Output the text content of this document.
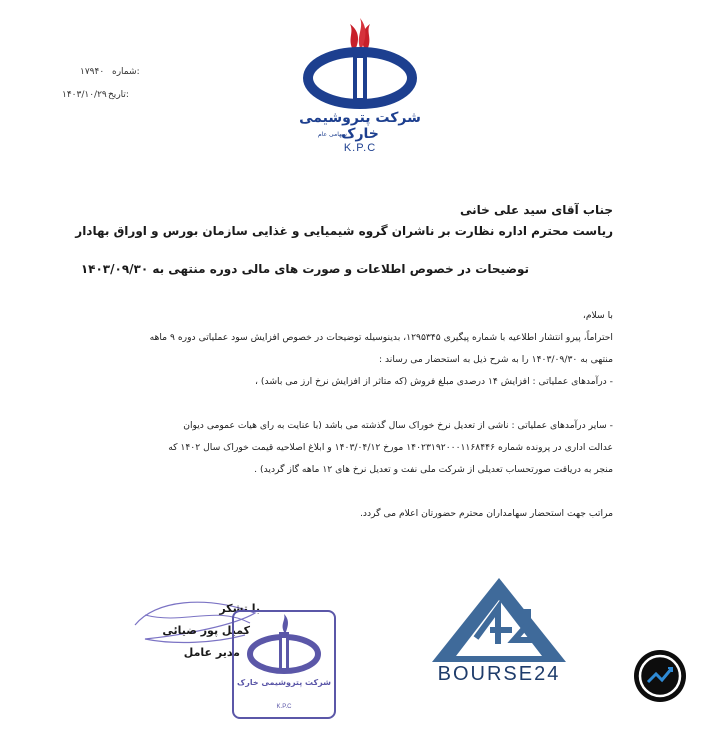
شرکت پتروشیمی خارک
سهامی عام
K.P.C
شماره:
۱۷۹۴۰
تاریخ:
۱۴۰۳/۱۰/۲۹
جناب آقای سید علی خانی
ریاست محترم اداره نظارت بر ناشران گروه شیمیایی و غذایی سازمان بورس و اوراق بهادار
توضیحات در خصوص اطلاعات و صورت های مالی دوره منتهی به ۱۴۰۳/۰۹/۳۰
با سلام،
احتراماً، پیرو انتشار اطلاعیه با شماره پیگیری ۱۲۹۵۳۴۵، بدینوسیله توضیحات در خصوص افزایش سود عملیاتی دوره ۹ ماهه
منتهی به ۱۴۰۳/۰۹/۳۰ را به شرح ذیل به استحضار می رساند :
- درآمدهای عملیاتی : افزایش ۱۴ درصدی مبلغ فروش (که متاثر از افزایش نرخ ارز می باشد) ،
- سایر درآمدهای عملیاتی : ناشی از تعدیل نرخ خوراک سال گذشته می باشد (با عنایت به رای هیات عمومی دیوان
عدالت اداری در پرونده شماره ۱۴۰۲۳۱۹۲۰۰۰۱۱۶۸۴۴۶ مورخ ۱۴۰۳/۰۴/۱۲ و ابلاغ اصلاحیه قیمت خوراک سال ۱۴۰۲ که
منجر به دریافت صورتحساب تعدیلی از شرکت ملی نفت و تعدیل نرخ های ۱۲ ماهه گاز گردید) .
مراتب جهت استحضار سهامداران محترم حضورتان اعلام می گردد.
با تشکر
کمیل پور ضیائی
مدیر عامل
شرکت پتروشیمی خارک
K.P.C
BOURSE24
